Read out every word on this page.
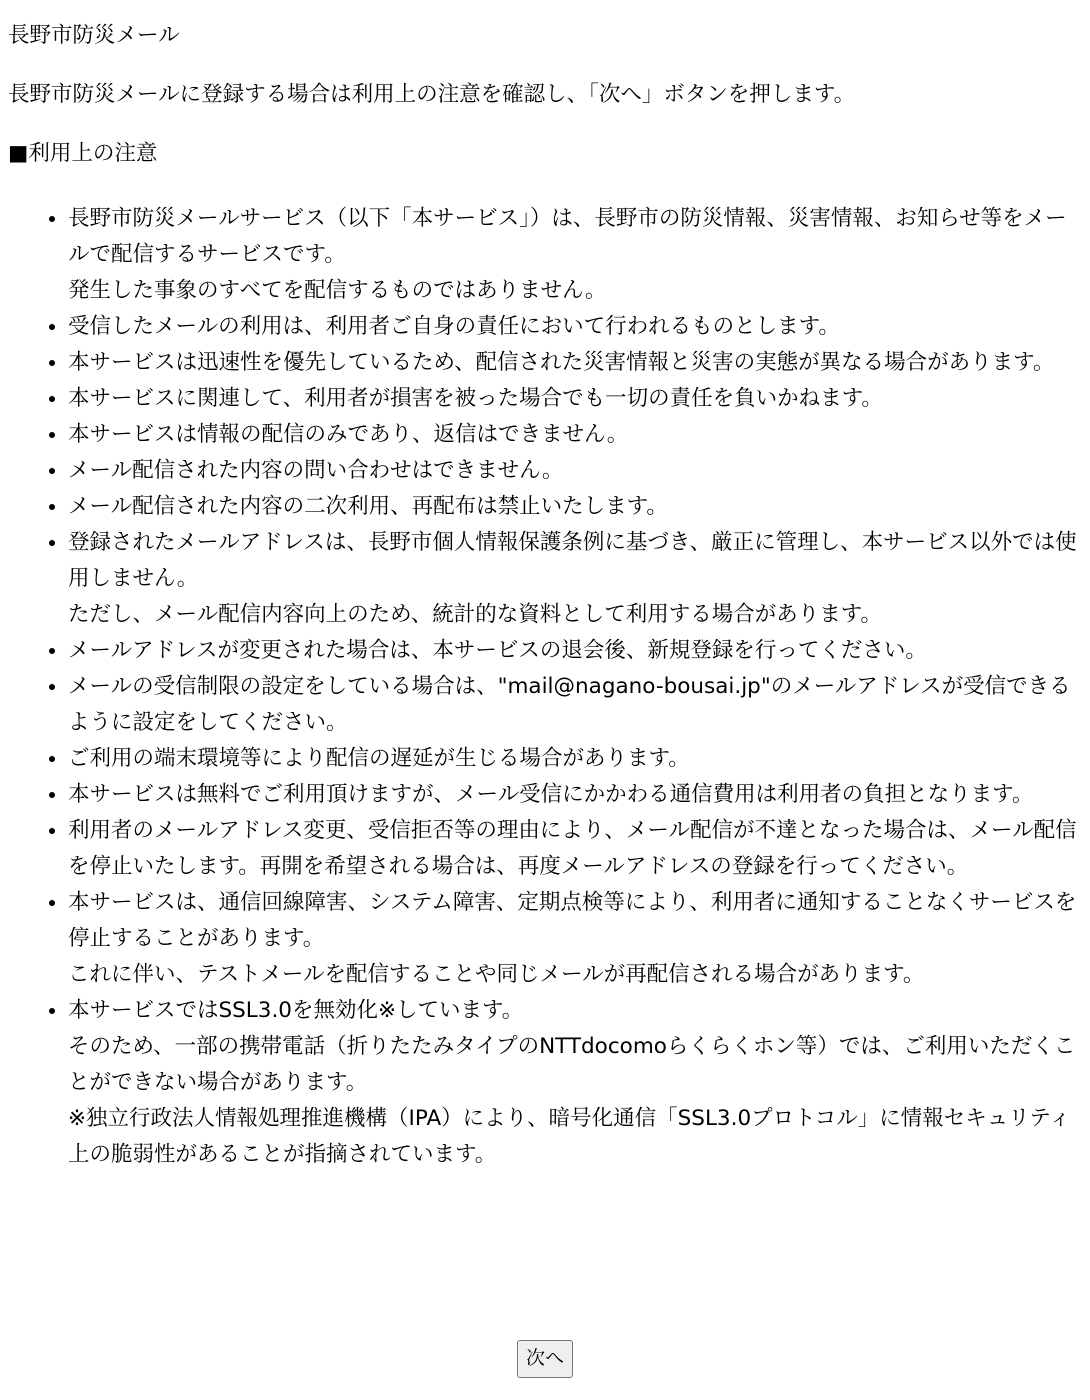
長野市防災メール

長野市防災メールに登録する場合は利用上の注意を確認し、「次へ」ボタンを押します。

■利用上の注意
• 長野市防災メールサービス（以下「本サービス」）は、長野市の防災情報、災害情報、お知らせ等をメールで配信するサービスです。
発生した事象のすべてを配信するものではありません。
• 受信したメールの利用は、利用者ご自身の責任において行われるものとします。
• 本サービスは迅速性を優先しているため、配信された災害情報と災害の実態が異なる場合があります。
• 本サービスに関連して、利用者が損害を被った場合でも一切の責任を負いかねます。
• 本サービスは情報の配信のみであり、返信はできません。
• メール配信された内容の問い合わせはできません。
• メール配信された内容の二次利用、再配布は禁止いたします。
• 登録されたメールアドレスは、長野市個人情報保護条例に基づき、厳正に管理し、本サービス以外では使用しません。
ただし、メール配信内容向上のため、統計的な資料として利用する場合があります。
• メールアドレスが変更された場合は、本サービスの退会後、新規登録を行ってください。
• メールの受信制限の設定をしている場合は、"mail@nagano-bousai.jp"のメールアドレスが受信できるように設定をしてください。
• ご利用の端末環境等により配信の遅延が生じる場合があります。
• 本サービスは無料でご利用頂けますが、メール受信にかかわる通信費用は利用者の負担となります。
• 利用者のメールアドレス変更、受信拒否等の理由により、メール配信が不達となった場合は、メール配信を停止いたします。再開を希望される場合は、再度メールアドレスの登録を行ってください。
• 本サービスは、通信回線障害、システム障害、定期点検等により、利用者に通知することなくサービスを停止することがあります。
これに伴い、テストメールを配信することや同じメールが再配信される場合があります。
• 本サービスではSSL3.0を無効化※しています。
そのため、一部の携帯電話（折りたたみタイプのNTTdocomoらくらくホン等）では、ご利用いただくことができない場合があります。
※独立行政法人情報処理推進機構（IPA）により、暗号化通信「SSL3.0プロトコル」に情報セキュリティ上の脆弱性があることが指摘されています。
次へ
